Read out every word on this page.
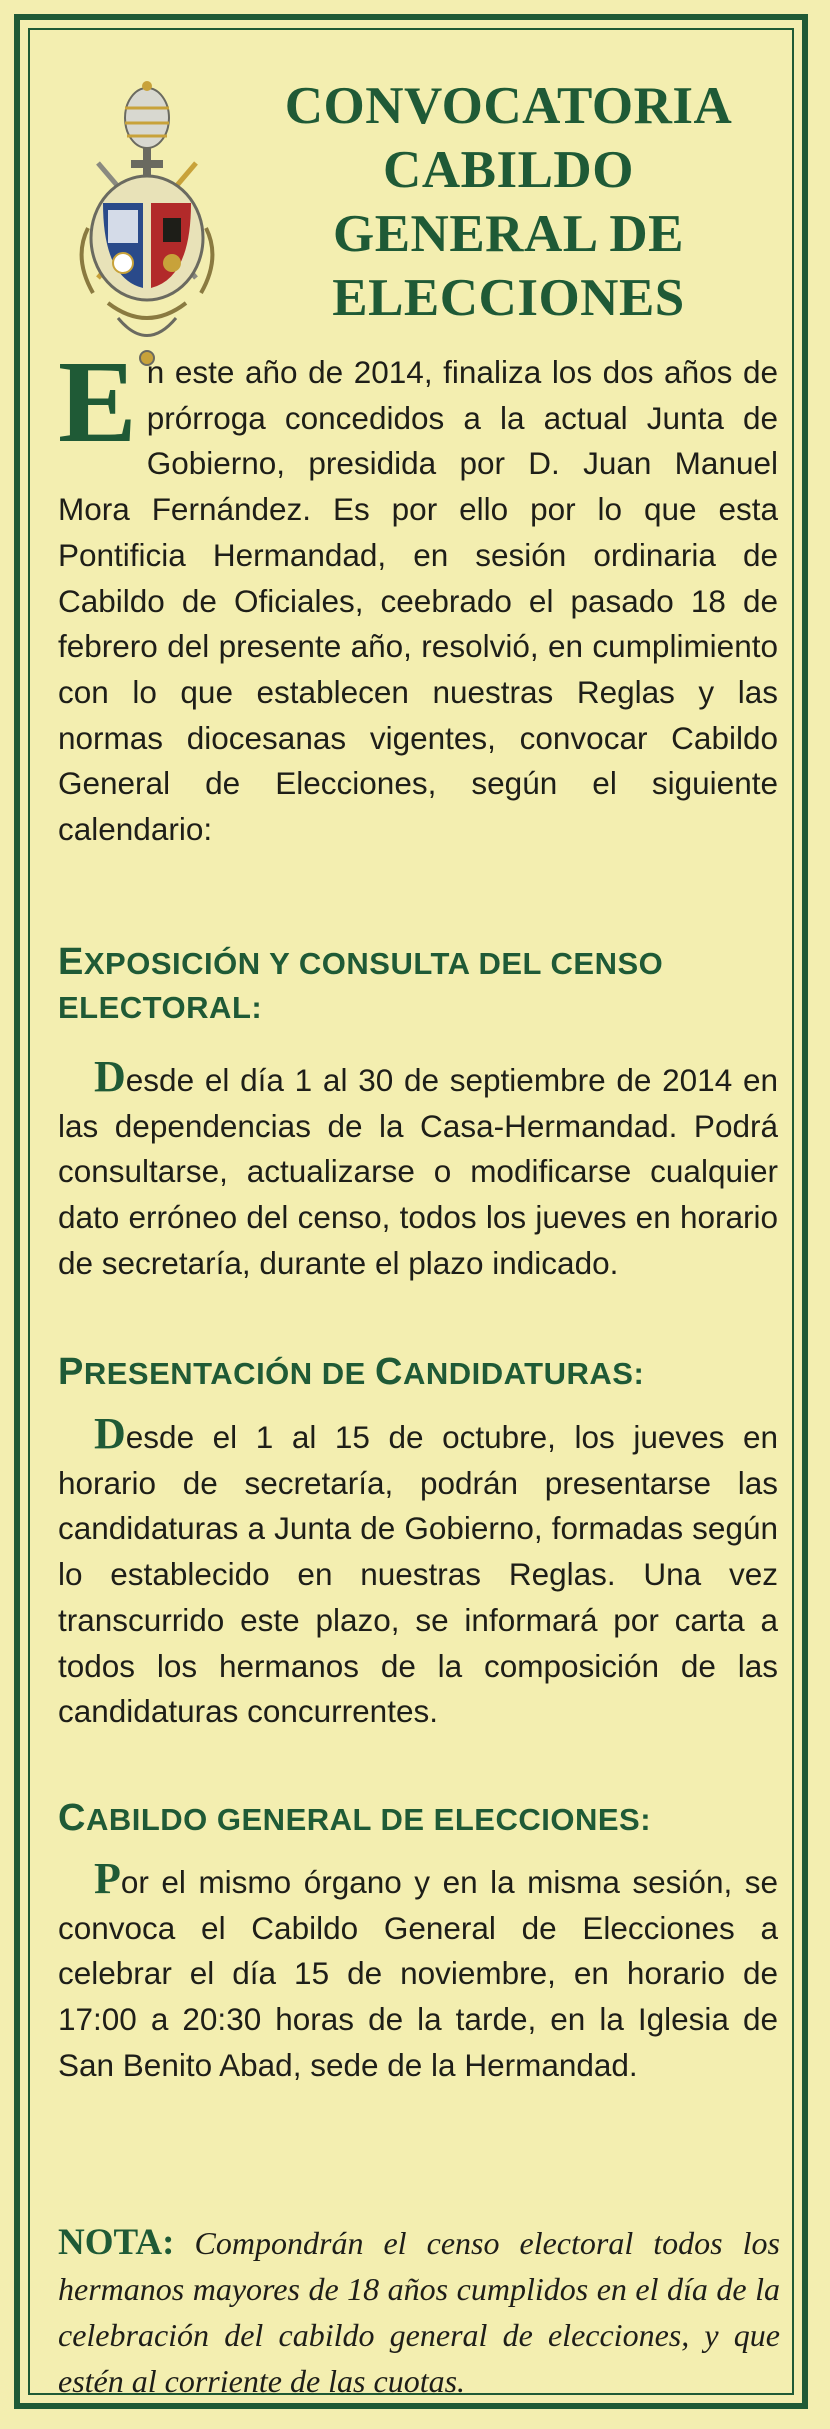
CONVOCATORIA
CABILDO
GENERAL DE
ELECCIONES
En este año de 2014, finaliza los dos años de prórroga concedidos a la actual Junta de Gobierno, presidida por D. Juan Manuel Mora Fernández. Es por ello por lo que esta Pontificia Hermandad, en sesión ordinaria de Cabildo de Oficiales, ceebrado el pasado 18 de febrero del presente año, resolvió, en cumplimiento con lo que establecen nuestras Reglas y las normas diocesanas vigentes, convocar Cabildo General de Elecciones, según el siguiente calendario:
EXPOSICIÓN Y CONSULTA DEL CENSO ELECTORAL:
Desde el día 1 al 30 de septiembre de 2014 en las dependencias de la Casa-Hermandad. Podrá consultarse, actualizarse o modificarse cualquier dato erróneo del censo, todos los jueves en horario de secretaría, durante el plazo indicado.
PRESENTACIÓN DE CANDIDATURAS:
Desde el 1 al 15 de octubre, los jueves en horario de secretaría, podrán presentarse las candidaturas a Junta de Gobierno, formadas según lo establecido en nuestras Reglas. Una vez transcurrido este plazo, se informará por carta a todos los hermanos de la composición de las candidaturas concurrentes.
CABILDO GENERAL DE ELECCIONES:
Por el mismo órgano y en la misma sesión, se convoca el Cabildo General de Elecciones a celebrar el día 15 de noviembre, en horario de 17:00 a 20:30 horas de la tarde, en la Iglesia de San Benito Abad, sede de la Hermandad.
NOTA: Compondrán el censo electoral todos los hermanos mayores de 18 años cumplidos en el día de la celebración del cabildo general de elecciones, y que estén al corriente de las cuotas.
